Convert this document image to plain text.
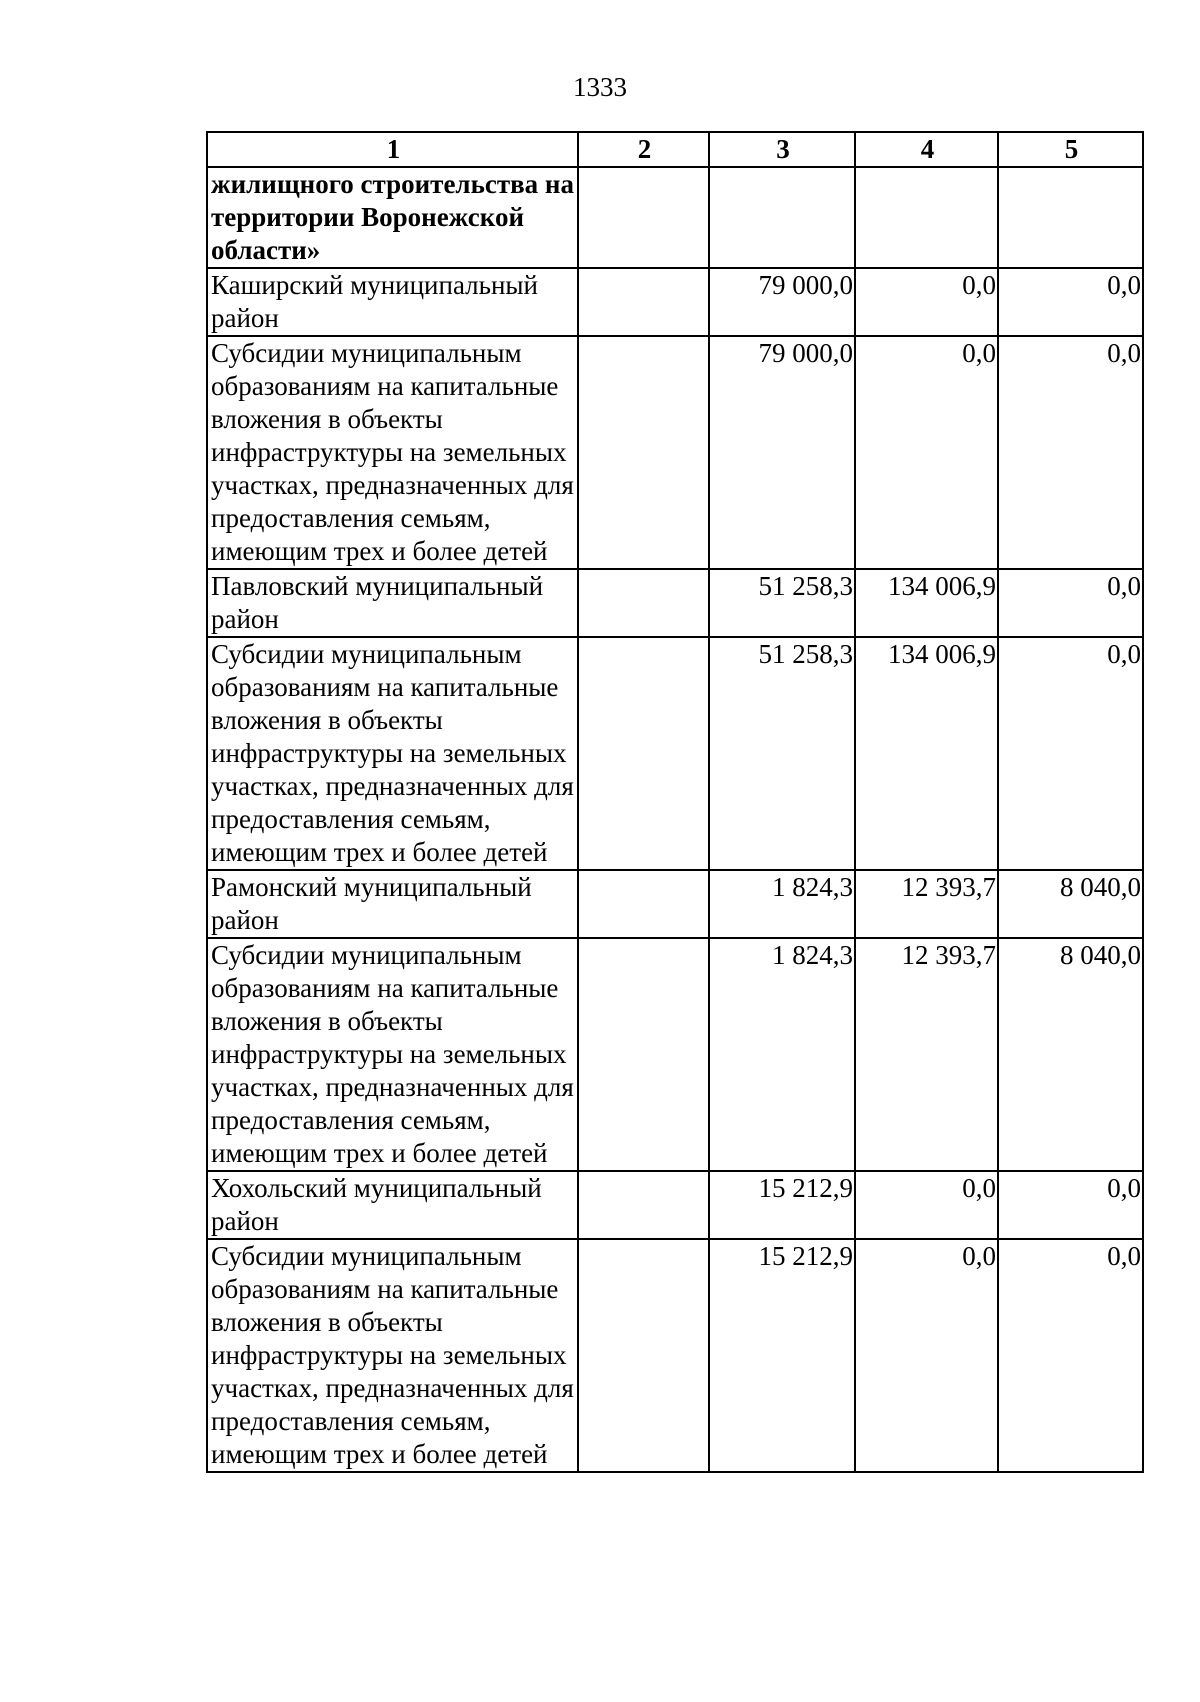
1333
1	2	3	4	5
жилищного строительства на территории Воронежской области»				
Каширский муниципальный район		79 000,0	0,0	0,0
Субсидии муниципальным образованиям на капитальные вложения в объекты инфраструктуры на земельных участках, предназначенных для предоставления семьям, имеющим трех и более детей		79 000,0	0,0	0,0
Павловский муниципальный район		51 258,3	134 006,9	0,0
Субсидии муниципальным образованиям на капитальные вложения в объекты инфраструктуры на земельных участках, предназначенных для предоставления семьям, имеющим трех и более детей		51 258,3	134 006,9	0,0
Рамонский муниципальный район		1 824,3	12 393,7	8 040,0
Субсидии муниципальным образованиям на капитальные вложения в объекты инфраструктуры на земельных участках, предназначенных для предоставления семьям, имеющим трех и более детей		1 824,3	12 393,7	8 040,0
Хохольский муниципальный район		15 212,9	0,0	0,0
Субсидии муниципальным образованиям на капитальные вложения в объекты инфраструктуры на земельных участках, предназначенных для предоставления семьям, имеющим трех и более детей		15 212,9	0,0	0,0
